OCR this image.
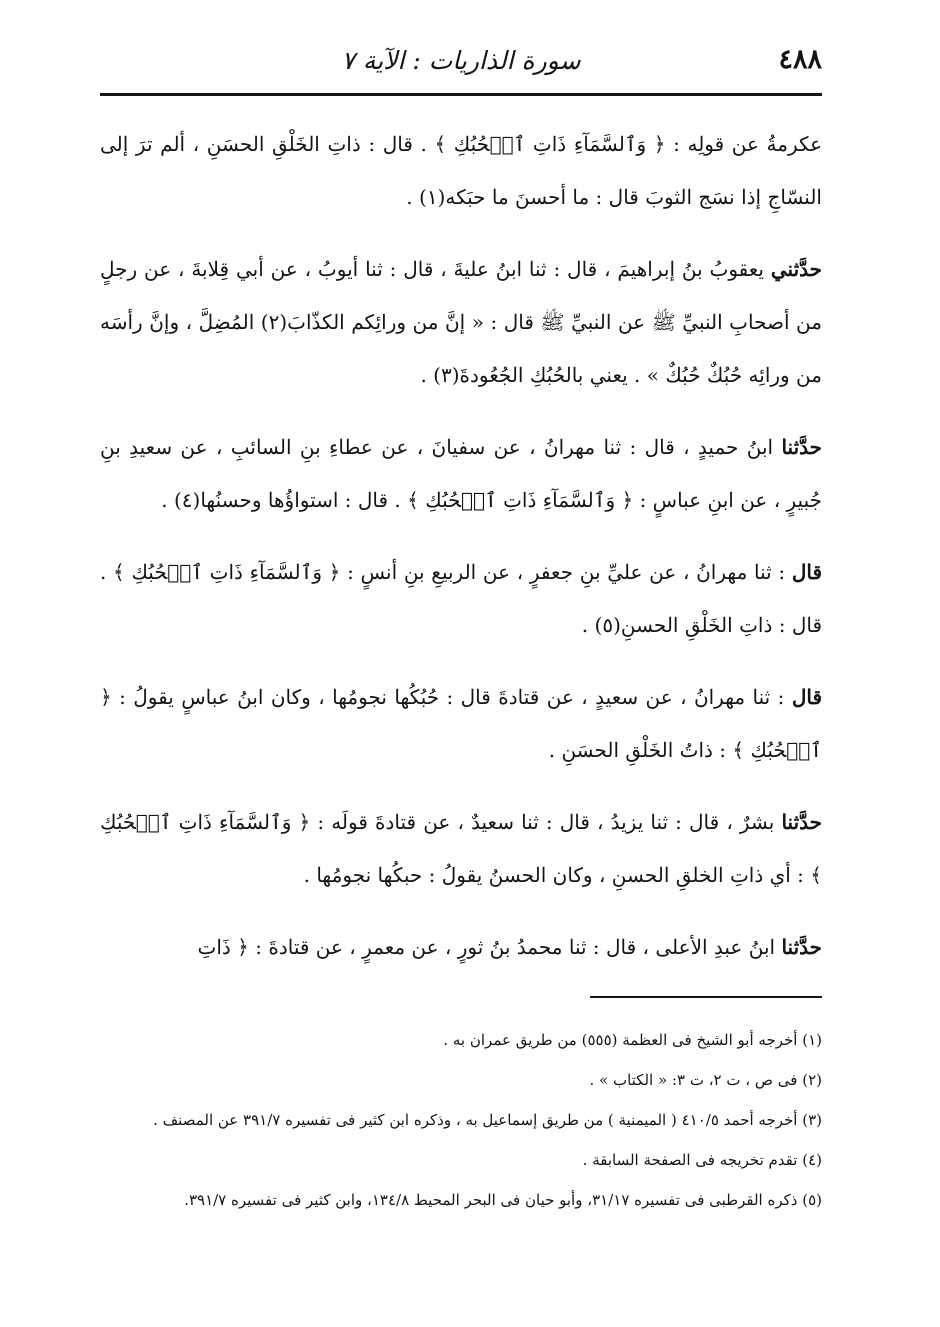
٤٨٨
سورة الذاريات : الآية ٧

عكرمةُ عن قولِه : ﴿ وَٱلسَّمَآءِ ذَاتِ ٱلۡحُبُكِ ﴾ . قال : ذاتِ الخَلْقِ الحسَنِ ، ألم ترَ إلى النسّاجِ إذا نسَج الثوبَ قال : ما أحسنَ ما حبَكه(١) .

حدَّثني يعقوبُ بنُ إبراهيمَ ، قال : ثنا ابنُ عليةَ ، قال : ثنا أيوبُ ، عن أبي قِلابةَ ، عن رجلٍ من أصحابِ النبيِّ ﷺ عن النبيِّ ﷺ قال : « إنَّ من ورائِكم الكذّابَ(٢) المُضِلَّ ، وإنَّ رأسَه من ورائِه حُبُكٌ حُبُكٌ » . يعني بالحُبُكِ الجُعُودةَ(٣) .

حدَّثنا ابنُ حميدٍ ، قال : ثنا مهرانُ ، عن سفيانَ ، عن عطاءِ بنِ السائبِ ، عن سعيدِ بنِ جُبيرٍ ، عن ابنِ عباسٍ : ﴿ وَٱلسَّمَآءِ ذَاتِ ٱلۡحُبُكِ ﴾ . قال : استواؤُها وحسنُها(٤) .

قال : ثنا مهرانُ ، عن عليِّ بنِ جعفرٍ ، عن الربيعِ بنِ أنسٍ : ﴿ وَٱلسَّمَآءِ ذَاتِ ٱلۡحُبُكِ ﴾ . قال : ذاتِ الخَلْقِ الحسنِ(٥) .

قال : ثنا مهرانُ ، عن سعيدٍ ، عن قتادةَ قال : حُبُكُها نجومُها ، وكان ابنُ عباسٍ يقولُ : ﴿ ٱلۡحُبُكِ ﴾ : ذاتُ الخَلْقِ الحسَنِ .

حدَّثنا بشرٌ ، قال : ثنا يزيدُ ، قال : ثنا سعيدٌ ، عن قتادةَ قولَه : ﴿ وَٱلسَّمَآءِ ذَاتِ ٱلۡحُبُكِ ﴾ : أي ذاتِ الخلقِ الحسنِ ، وكان الحسنُ يقولُ : حبكُها نجومُها .

حدَّثنا ابنُ عبدِ الأعلى ، قال : ثنا محمدُ بنُ ثورٍ ، عن معمرٍ ، عن قتادةَ : ﴿ ذَاتِ

(١) أخرجه أبو الشيخ فى العظمة (٥٥٥) من طريق عمران به .

(٢) فى ص ، ت ٢، ت ٣: « الكتاب » .

(٣) أخرجه أحمد ٤١٠/٥ ( الميمنية ) من طريق إسماعيل به ، وذكره ابن كثير فى تفسيره ٣٩١/٧ عن المصنف .

(٤) تقدم تخريجه فى الصفحة السابقة .

(٥) ذكره القرطبى فى تفسيره ٣١/١٧، وأبو حيان فى البحر المحيط ١٣٤/٨، وابن كثير فى تفسيره ٣٩١/٧.
